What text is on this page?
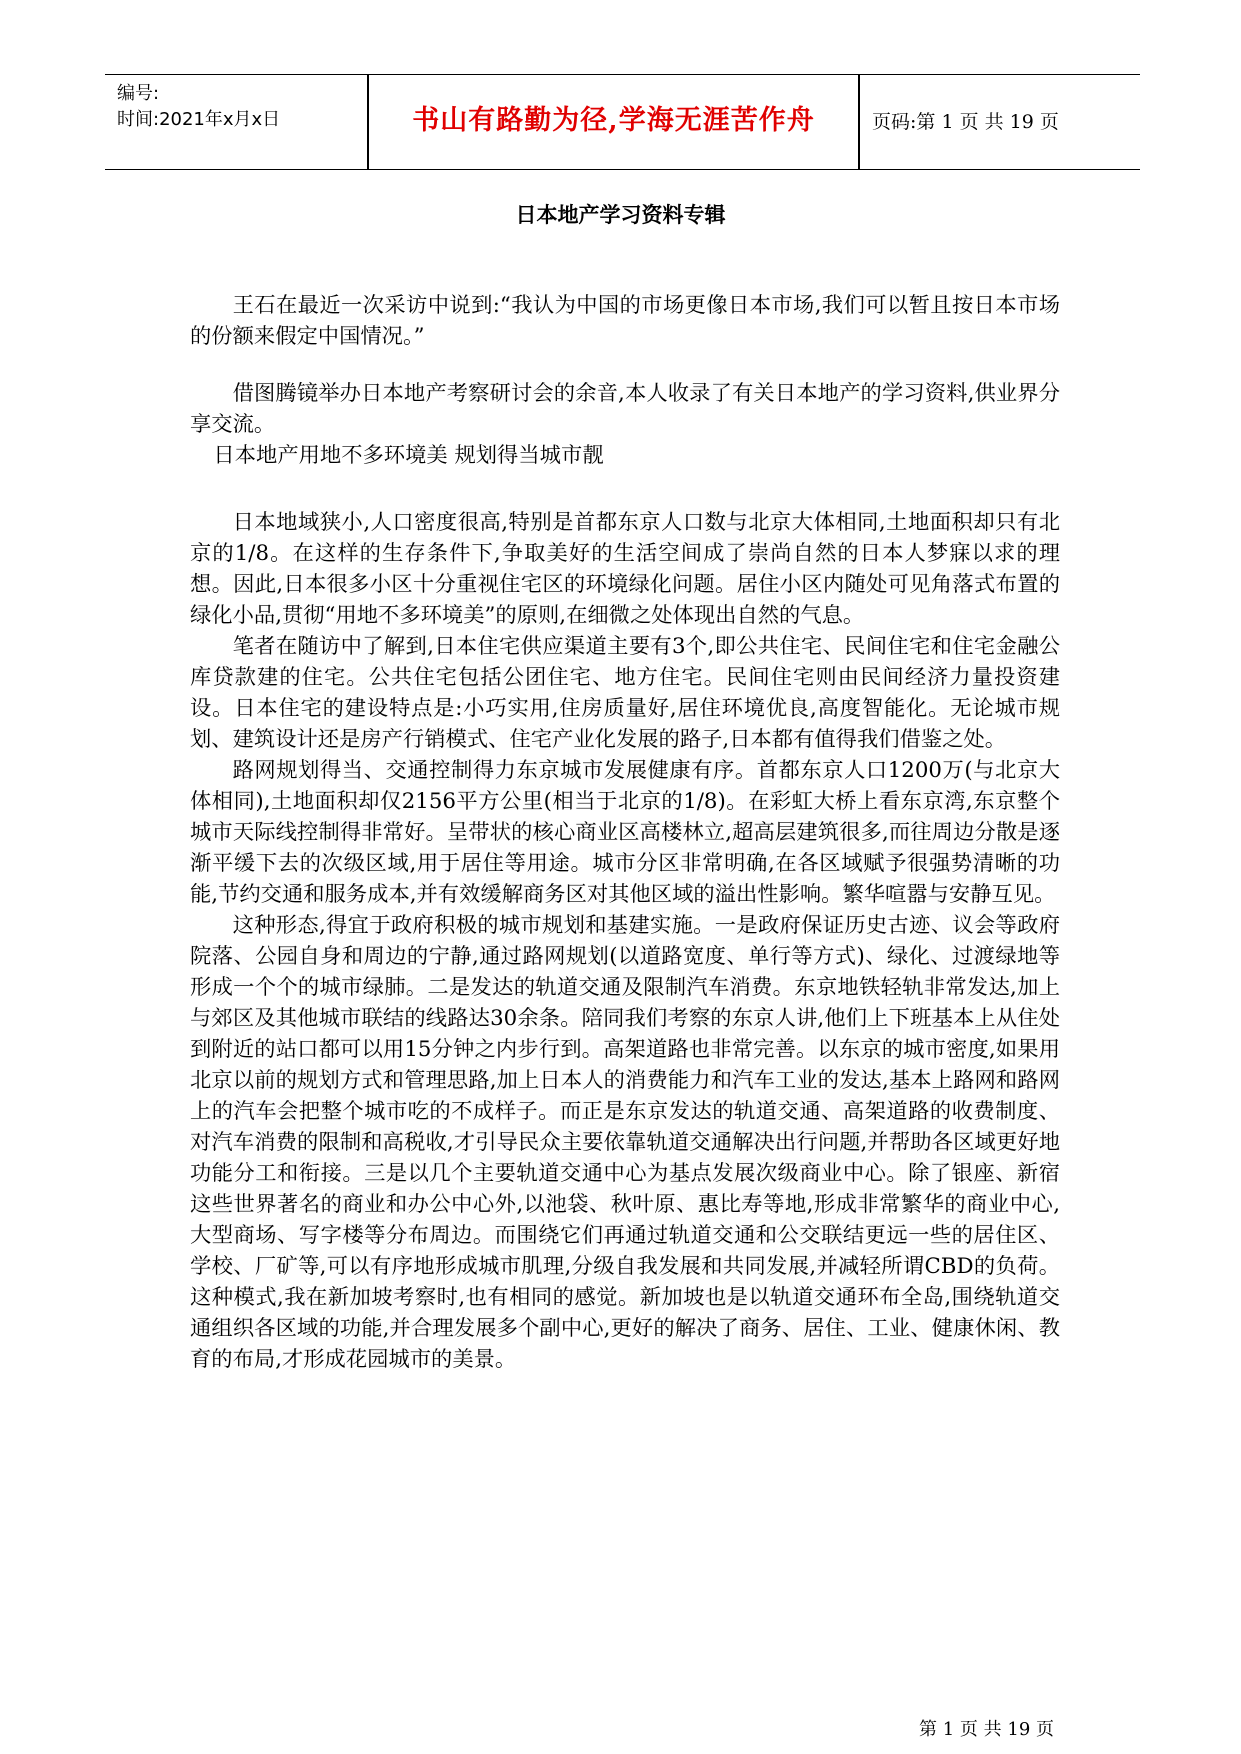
编号:
时间:2021年x月x日	书山有路勤为径,学海无涯苦作舟	页码:第 1 页 共 19 页
日本地产学习资料专辑

王石在最近一次采访中说到:“我认为中国的市场更像日本市场,我们可以暂且按日本市场的份额来假定中国情况。”

借图腾镜举办日本地产考察研讨会的余音,本人收录了有关日本地产的学习资料,供业界分享交流。

日本地产用地不多环境美 规划得当城市靓

日本地域狭小,人口密度很高,特别是首都东京人口数与北京大体相同,土地面积却只有北京的1/8。在这样的生存条件下,争取美好的生活空间成了崇尚自然的日本人梦寐以求的理想。因此,日本很多小区十分重视住宅区的环境绿化问题。居住小区内随处可见角落式布置的绿化小品,贯彻“用地不多环境美”的原则,在细微之处体现出自然的气息。

笔者在随访中了解到,日本住宅供应渠道主要有3个,即公共住宅、民间住宅和住宅金融公库贷款建的住宅。公共住宅包括公团住宅、地方住宅。民间住宅则由民间经济力量投资建设。日本住宅的建设特点是:小巧实用,住房质量好,居住环境优良,高度智能化。无论城市规划、建筑设计还是房产行销模式、住宅产业化发展的路子,日本都有值得我们借鉴之处。

路网规划得当、交通控制得力东京城市发展健康有序。首都东京人口1200万(与北京大体相同),土地面积却仅2156平方公里(相当于北京的1/8)。在彩虹大桥上看东京湾,东京整个城市天际线控制得非常好。呈带状的核心商业区高楼林立,超高层建筑很多,而往周边分散是逐渐平缓下去的次级区域,用于居住等用途。城市分区非常明确,在各区域赋予很强势清晰的功能,节约交通和服务成本,并有效缓解商务区对其他区域的溢出性影响。繁华喧嚣与安静互见。

这种形态,得宜于政府积极的城市规划和基建实施。一是政府保证历史古迹、议会等政府院落、公园自身和周边的宁静,通过路网规划(以道路宽度、单行等方式)、绿化、过渡绿地等形成一个个的城市绿肺。二是发达的轨道交通及限制汽车消费。东京地铁轻轨非常发达,加上与郊区及其他城市联结的线路达30余条。陪同我们考察的东京人讲,他们上下班基本上从住处到附近的站口都可以用15分钟之内步行到。高架道路也非常完善。以东京的城市密度,如果用北京以前的规划方式和管理思路,加上日本人的消费能力和汽车工业的发达,基本上路网和路网上的汽车会把整个城市吃的不成样子。而正是东京发达的轨道交通、高架道路的收费制度、对汽车消费的限制和高税收,才引导民众主要依靠轨道交通解决出行问题,并帮助各区域更好地功能分工和衔接。三是以几个主要轨道交通中心为基点发展次级商业中心。除了银座、新宿这些世界著名的商业和办公中心外,以池袋、秋叶原、惠比寿等地,形成非常繁华的商业中心,大型商场、写字楼等分布周边。而围绕它们再通过轨道交通和公交联结更远一些的居住区、学校、厂矿等,可以有序地形成城市肌理,分级自我发展和共同发展,并减轻所谓CBD的负荷。这种模式,我在新加坡考察时,也有相同的感觉。新加坡也是以轨道交通环布全岛,围绕轨道交通组织各区域的功能,并合理发展多个副中心,更好的解决了商务、居住、工业、健康休闲、教育的布局,才形成花园城市的美景。

第 1 页 共 19 页
